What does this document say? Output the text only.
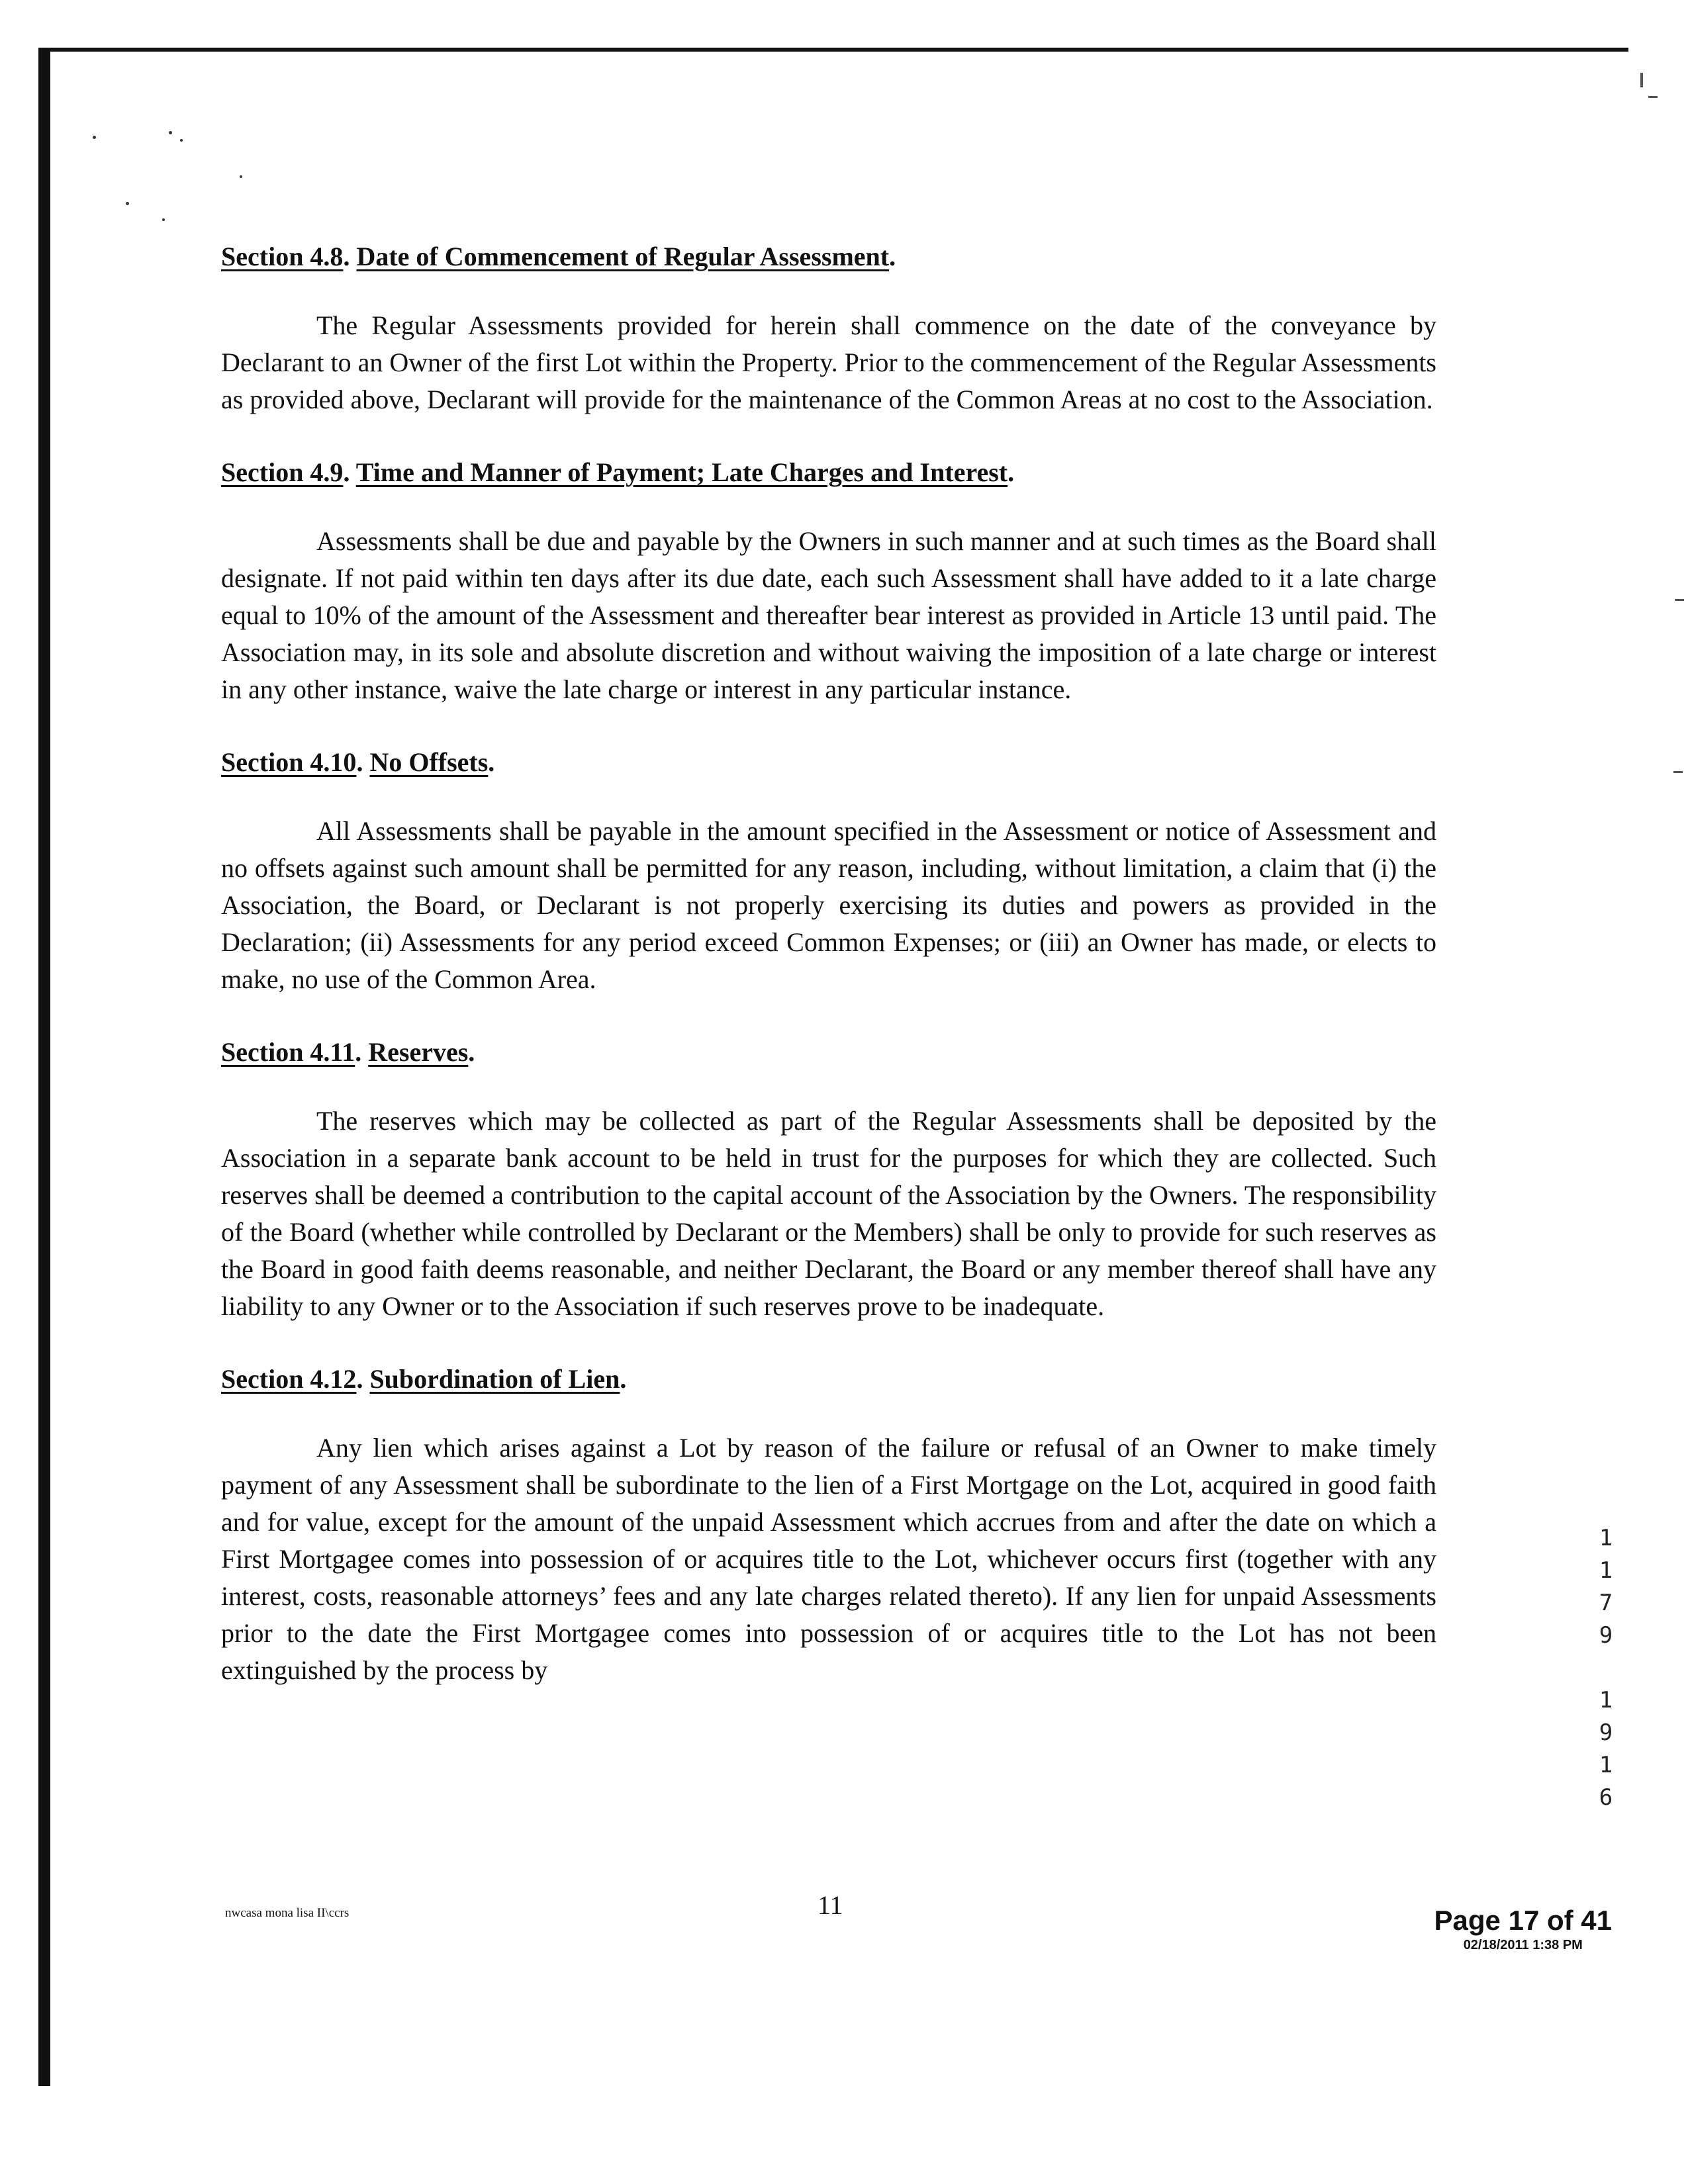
Section 4.8. Date of Commencement of Regular Assessment.

The Regular Assessments provided for herein shall commence on the date of the conveyance by Declarant to an Owner of the first Lot within the Property. Prior to the commencement of the Regular Assessments as provided above, Declarant will provide for the maintenance of the Common Areas at no cost to the Association.

Section 4.9. Time and Manner of Payment; Late Charges and Interest.

Assessments shall be due and payable by the Owners in such manner and at such times as the Board shall designate. If not paid within ten days after its due date, each such Assessment shall have added to it a late charge equal to 10% of the amount of the Assessment and thereafter bear interest as provided in Article 13 until paid. The Association may, in its sole and absolute discretion and without waiving the imposition of a late charge or interest in any other instance, waive the late charge or interest in any particular instance.

Section 4.10. No Offsets.

All Assessments shall be payable in the amount specified in the Assessment or notice of Assessment and no offsets against such amount shall be permitted for any reason, including, without limitation, a claim that (i) the Association, the Board, or Declarant is not properly exercising its duties and powers as provided in the Declaration; (ii) Assessments for any period exceed Common Expenses; or (iii) an Owner has made, or elects to make, no use of the Common Area.

Section 4.11. Reserves.

The reserves which may be collected as part of the Regular Assessments shall be deposited by the Association in a separate bank account to be held in trust for the purposes for which they are collected. Such reserves shall be deemed a contribution to the capital account of the Association by the Owners. The responsibility of the Board (whether while controlled by Declarant or the Members) shall be only to provide for such reserves as the Board in good faith deems reasonable, and neither Declarant, the Board or any member thereof shall have any liability to any Owner or to the Association if such reserves prove to be inadequate.

Section 4.12. Subordination of Lien.

Any lien which arises against a Lot by reason of the failure or refusal of an Owner to make timely payment of any Assessment shall be subordinate to the lien of a First Mortgage on the Lot, acquired in good faith and for value, except for the amount of the unpaid Assessment which accrues from and after the date on which a First Mortgagee comes into possession of or acquires title to the Lot, whichever occurs first (together with any interest, costs, reasonable attorneys’ fees and any late charges related thereto). If any lien for unpaid Assessments prior to the date the First Mortgagee comes into possession of or acquires title to the Lot has not been extinguished by the process by

1
1
7
9

1
9
1
6
nwcasa mona lisa II\ccrs	11	Page 17 of 41
02/18/2011 1:38 PM
